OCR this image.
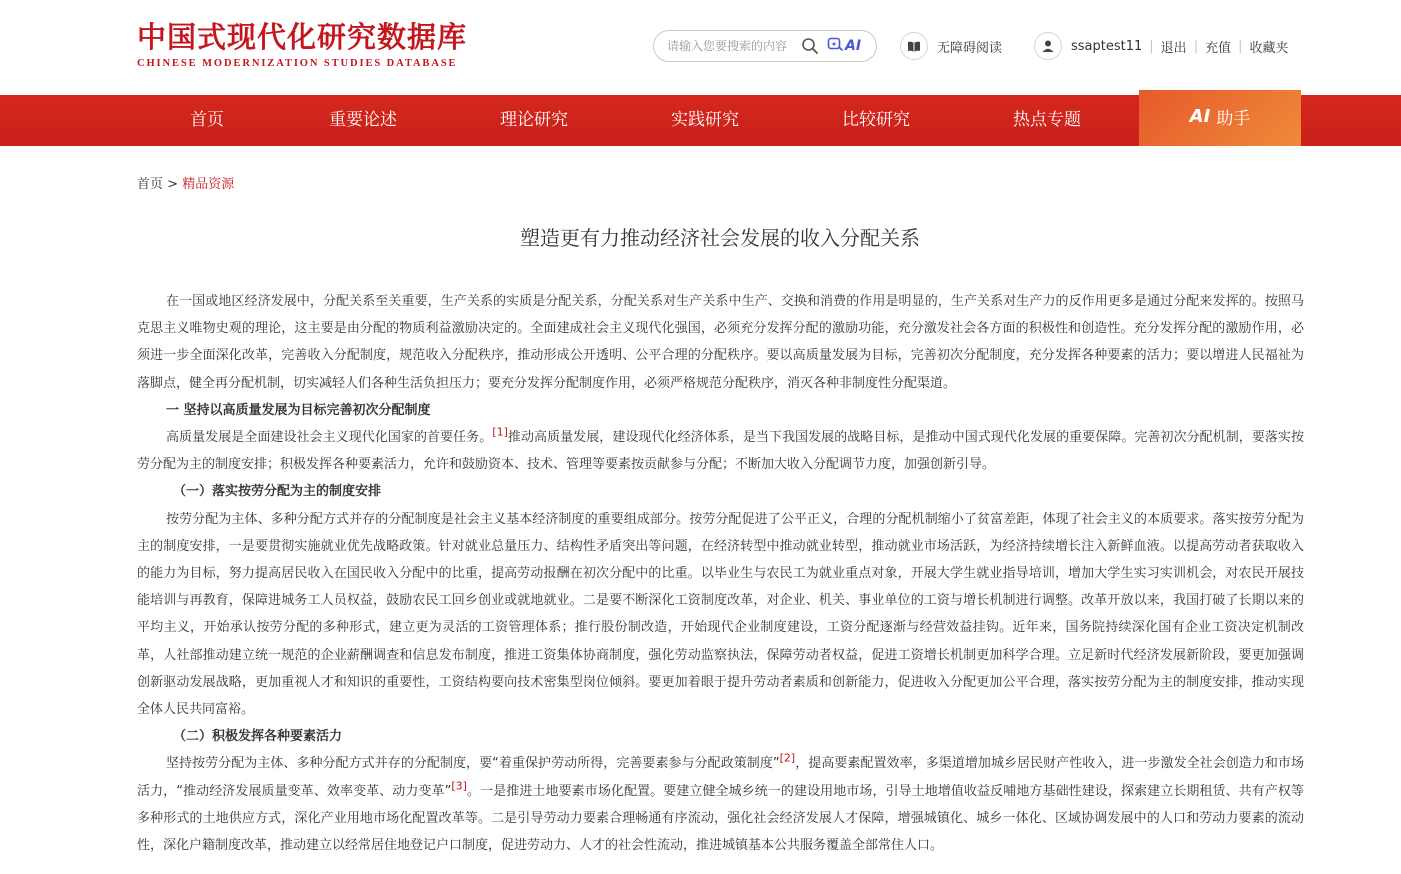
中国式现代化研究数据库
CHINESE MODERNIZATION STUDIES DATABASE
请输入您要搜索的内容
AI	无障碍阅读	ssaptest11 | 退出 | 充值 | 收藏夹
首页	重要论述	理论研究	实践研究	比较研究	热点专题	AI 助手
首页 > 精品资源
塑造更有力推动经济社会发展的收入分配关系

在一国或地区经济发展中，分配关系至关重要，生产关系的实质是分配关系，分配关系对生产关系中生产、交换和消费的作用是明显的，生产关系对生产力的反作用更多是通过分配来发挥的。按照马克思主义唯物史观的理论，这主要是由分配的物质利益激励决定的。全面建成社会主义现代化强国，必须充分发挥分配的激励功能，充分激发社会各方面的积极性和创造性。充分发挥分配的激励作用，必须进一步全面深化改革，完善收入分配制度，规范收入分配秩序，推动形成公开透明、公平合理的分配秩序。要以高质量发展为目标，完善初次分配制度，充分发挥各种要素的活力；要以增进人民福祉为落脚点，健全再分配机制，切实减轻人们各种生活负担压力；要充分发挥分配制度作用，必须严格规范分配秩序，消灭各种非制度性分配渠道。

一 坚持以高质量发展为目标完善初次分配制度

高质量发展是全面建设社会主义现代化国家的首要任务。[1]推动高质量发展，建设现代化经济体系，是当下我国发展的战略目标，是推动中国式现代化发展的重要保障。完善初次分配机制，要落实按劳分配为主的制度安排；积极发挥各种要素活力，允许和鼓励资本、技术、管理等要素按贡献参与分配；不断加大收入分配调节力度，加强创新引导。

（一）落实按劳分配为主的制度安排

按劳分配为主体、多种分配方式并存的分配制度是社会主义基本经济制度的重要组成部分。按劳分配促进了公平正义，合理的分配机制缩小了贫富差距，体现了社会主义的本质要求。落实按劳分配为主的制度安排，一是要贯彻实施就业优先战略政策。针对就业总量压力、结构性矛盾突出等问题，在经济转型中推动就业转型，推动就业市场活跃，为经济持续增长注入新鲜血液。以提高劳动者获取收入的能力为目标，努力提高居民收入在国民收入分配中的比重，提高劳动报酬在初次分配中的比重。以毕业生与农民工为就业重点对象，开展大学生就业指导培训，增加大学生实习实训机会，对农民开展技能培训与再教育，保障进城务工人员权益，鼓励农民工回乡创业或就地就业。二是要不断深化工资制度改革，对企业、机关、事业单位的工资与增长机制进行调整。改革开放以来，我国打破了长期以来的平均主义，开始承认按劳分配的多种形式，建立更为灵活的工资管理体系；推行股份制改造，开始现代企业制度建设，工资分配逐渐与经营效益挂钩。近年来，国务院持续深化国有企业工资决定机制改革，人社部推动建立统一规范的企业薪酬调查和信息发布制度，推进工资集体协商制度，强化劳动监察执法，保障劳动者权益，促进工资增长机制更加科学合理。立足新时代经济发展新阶段，要更加强调创新驱动发展战略，更加重视人才和知识的重要性，工资结构要向技术密集型岗位倾斜。要更加着眼于提升劳动者素质和创新能力，促进收入分配更加公平合理，落实按劳分配为主的制度安排，推动实现全体人民共同富裕。

（二）积极发挥各种要素活力

坚持按劳分配为主体、多种分配方式并存的分配制度，要“着重保护劳动所得，完善要素参与分配政策制度”[2]，提高要素配置效率，多渠道增加城乡居民财产性收入，进一步激发全社会创造力和市场活力，“推动经济发展质量变革、效率变革、动力变革”[3]。一是推进土地要素市场化配置。要建立健全城乡统一的建设用地市场，引导土地增值收益反哺地方基础性建设，探索建立长期租赁、共有产权等多种形式的土地供应方式，深化产业用地市场化配置改革等。二是引导劳动力要素合理畅通有序流动，强化社会经济发展人才保障，增强城镇化、城乡一体化、区域协调发展中的人口和劳动力要素的流动性，深化户籍制度改革，推动建立以经常居住地登记户口制度，促进劳动力、人才的社会性流动，推进城镇基本公共服务覆盖全部常住人口。
